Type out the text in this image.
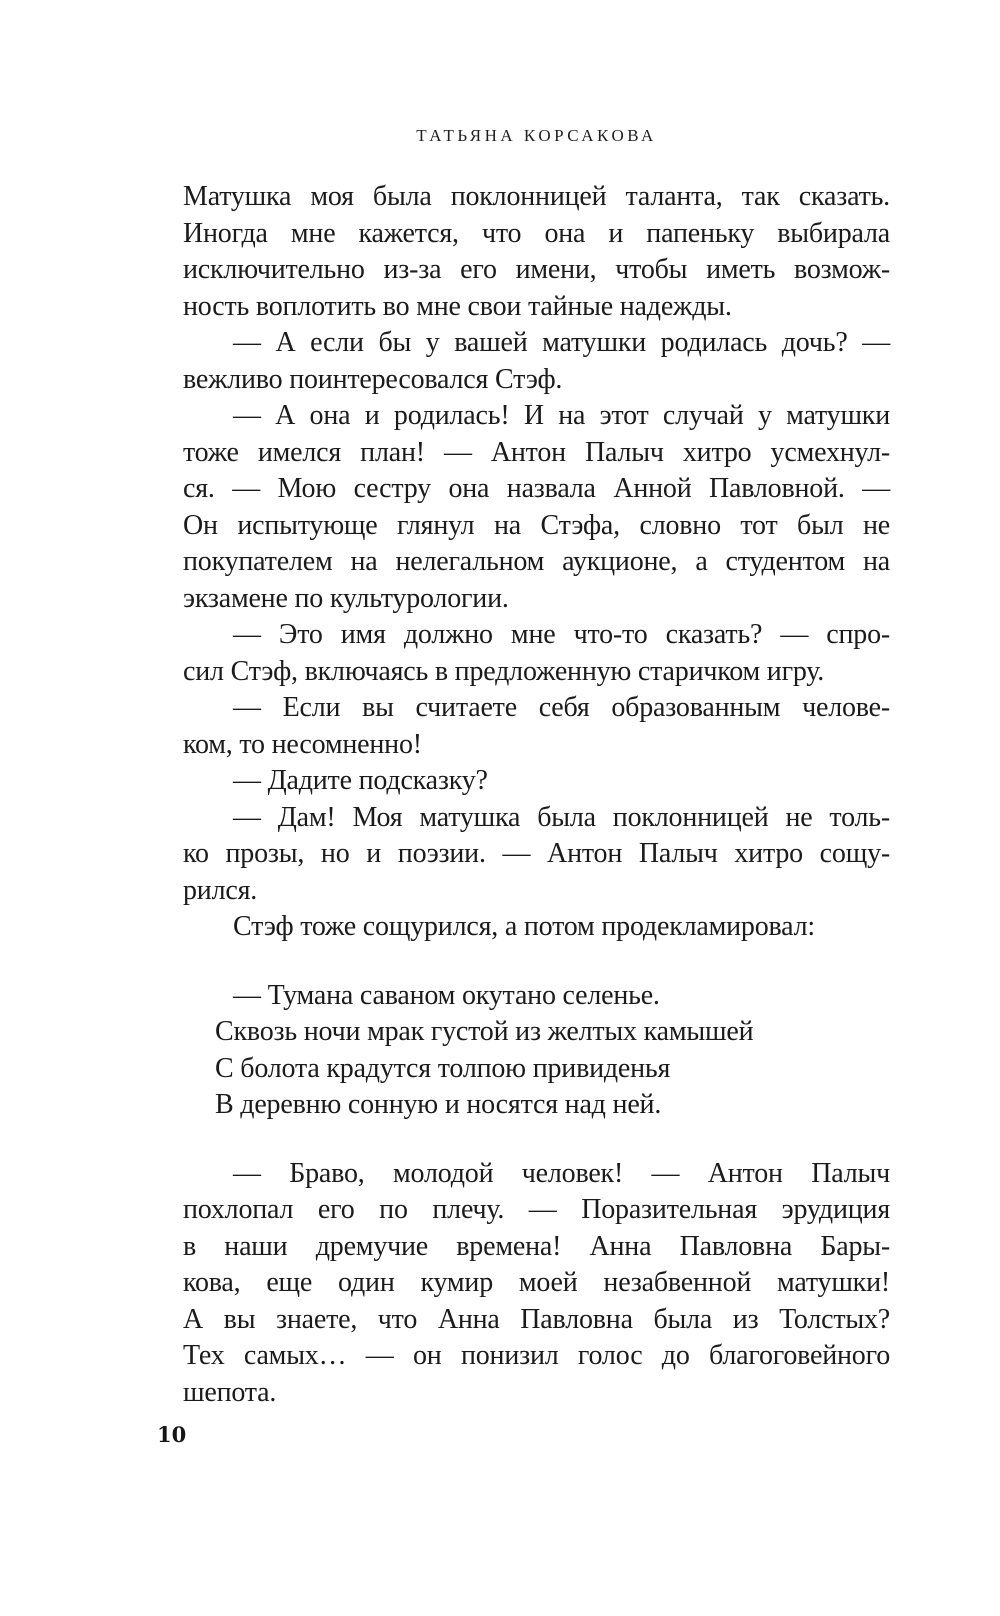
ТАТЬЯНА КОРСАКОВА
Матушка моя была поклонницей таланта, так сказать.
Иногда мне кажется, что она и папеньку выбирала
исключительно из-за его имени, чтобы иметь возмож-
ность воплотить во мне свои тайные надежды.
— А если бы у вашей матушки родилась дочь? —
вежливо поинтересовался Стэф.
— А она и родилась! И на этот случай у матушки
тоже имелся план! — Антон Палыч хитро усмехнул-
ся. — Мою сестру она назвала Анной Павловной. —
Он испытующе глянул на Стэфа, словно тот был не
покупателем на нелегальном аукционе, а студентом на
экзамене по культурологии.
— Это имя должно мне что-то сказать? — спро-
сил Стэф, включаясь в предложенную старичком игру.
— Если вы считаете себя образованным челове-
ком, то несомненно!
— Дадите подсказку?
— Дам! Моя матушка была поклонницей не толь-
ко прозы, но и поэзии. — Антон Палыч хитро сощу-
рился.
Стэф тоже сощурился, а потом продекламировал:
— Тумана саваном окутано селенье.
Сквозь ночи мрак густой из желтых камышей
С болота крадутся толпою привиденья
В деревню сонную и носятся над ней.
— Браво, молодой человек! — Антон Палыч
похлопал его по плечу. — Поразительная эрудиция
в наши дремучие времена! Анна Павловна Бары-
кова, еще один кумир моей незабвенной матушки!
А вы знаете, что Анна Павловна была из Толстых?
Тех самых… — он понизил голос до благоговейного
шепота.
10
